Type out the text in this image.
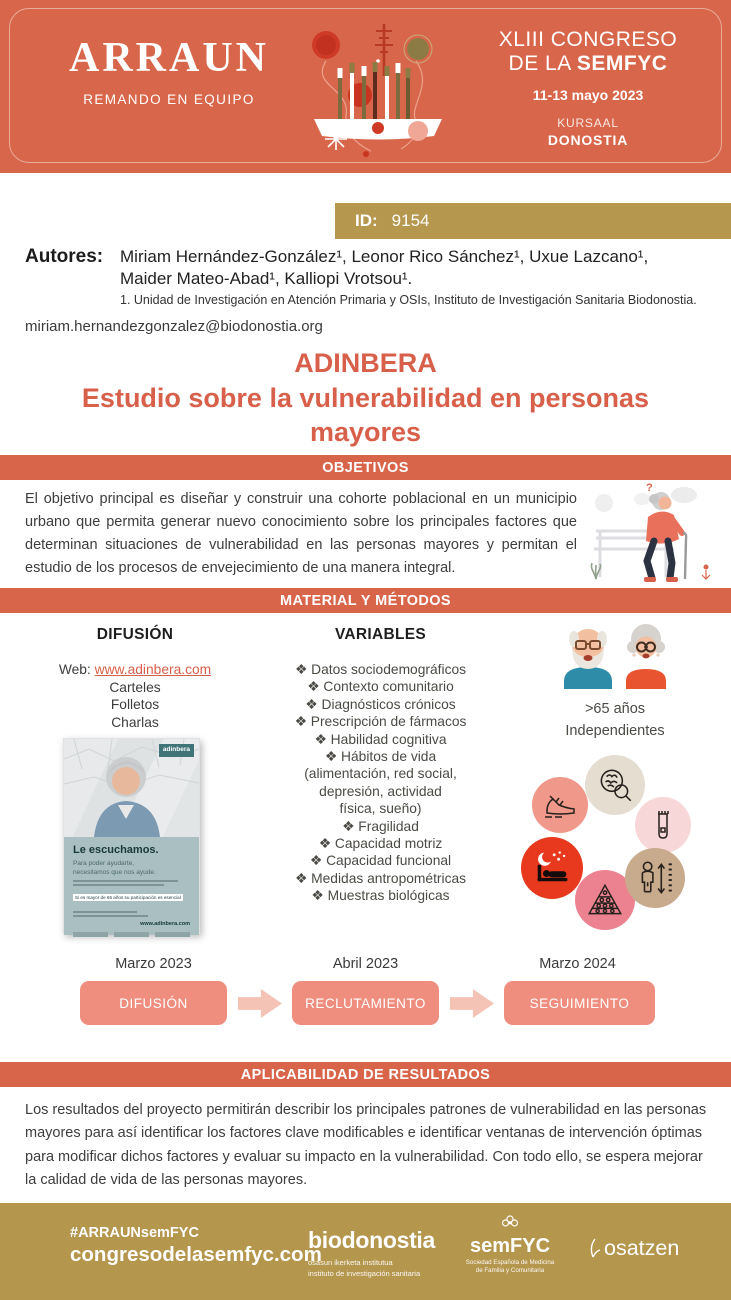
ARRAUN
REMANDO EN EQUIPO
XLIII CONGRESO
DE LA SEMFYC
11-13 mayo 2023
KURSAAL
DONOSTIA
ID: 9154
Autores: Miriam Hernández-González¹, Leonor Rico Sánchez¹, Uxue Lazcano¹,
Maider Mateo-Abad¹, Kalliopi Vrotsou¹.
1. Unidad de Investigación en Atención Primaria y OSIs, Instituto de Investigación Sanitaria Biodonostia.
miriam.hernandezgonzalez@biodonostia.org
ADINBERA
Estudio sobre la vulnerabilidad en personas mayores
OBJETIVOS
El objetivo principal es diseñar y construir una cohorte poblacional en un municipio urbano que permita generar nuevo conocimiento sobre los principales factores que determinan situaciones de vulnerabilidad en las personas mayores y permitan el estudio de los procesos de envejecimiento de una manera integral.
?
MATERIAL Y MÉTODOS
DIFUSIÓN	VARIABLES
Web: www.adinbera.com
Carteles
Folletos
Charlas
❖ Datos sociodemográficos
❖ Contexto comunitario
❖ Diagnósticos crónicos
❖ Prescripción de fármacos
❖ Habilidad cognitiva
❖ Hábitos de vida
(alimentación, red social,
depresión, actividad
física, sueño)
❖ Fragilidad
❖ Capacidad motriz
❖ Capacidad funcional
❖ Medidas antropométricas
❖ Muestras biológicas
adinbera
Le escuchamos.
Para poder ayudarte,
necesitamos que nos ayude.
Si es mayor de 65 años su participación es esencial
www.adinbera.com
>65 años
Independientes
Marzo 2023	Abril 2023	Marzo 2024
DIFUSIÓN	RECLUTAMIENTO	SEGUIMIENTO
APLICABILIDAD DE RESULTADOS
Los resultados del proyecto permitirán describir los principales patrones de vulnerabilidad en las personas mayores para así identificar los factores clave modificables e identificar ventanas de intervención óptimas para modificar dichos factores y evaluar su impacto en la vulnerabilidad. Con todo ello, se espera mejorar la calidad de vida de las personas mayores.
#ARRAUNsemFYC
congresodelasemfyc.com
biodonostia
osasun ikerketa institutua
instituto de investigación sanitaria
semFYC
Sociedad Española de Medicina
de Familia y Comunitaria
osatzen
